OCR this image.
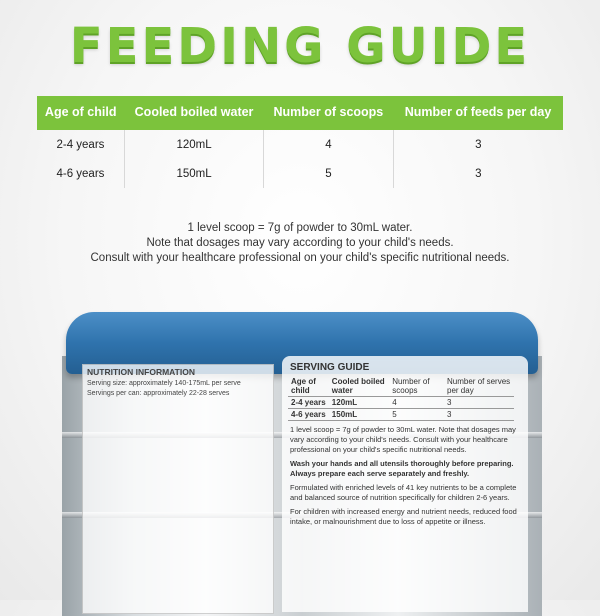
FEEDING GUIDE
Age of child	Cooled boiled water	Number of scoops	Number of feeds per day
2-4 years	120mL	4	3
4-6 years	150mL	5	3
1 level scoop = 7g of powder to 30mL water.
Note that dosages may vary according to your child's needs.
Consult with your healthcare professional on your child's specific nutritional needs.
NUTRITION INFORMATION

Serving size: approximately 140-175mL per serve

Servings per can: approximately 22-28 serves

SERVING GUIDE
Age of child	Cooled boiled water	Number of scoops	Number of serves per day
2-4 years	120mL	4	3
4-6 years	150mL	5	3

1 level scoop = 7g of powder to 30mL water. Note that dosages may vary according to your child's needs. Consult with your healthcare professional on your child's specific nutritional needs.

Wash your hands and all utensils thoroughly before preparing. Always prepare each serve separately and freshly.

Formulated with enriched levels of 41 key nutrients to be a complete and balanced source of nutrition specifically for children 2-6 years.

For children with increased energy and nutrient needs, reduced food intake, or malnourishment due to loss of appetite or illness.
